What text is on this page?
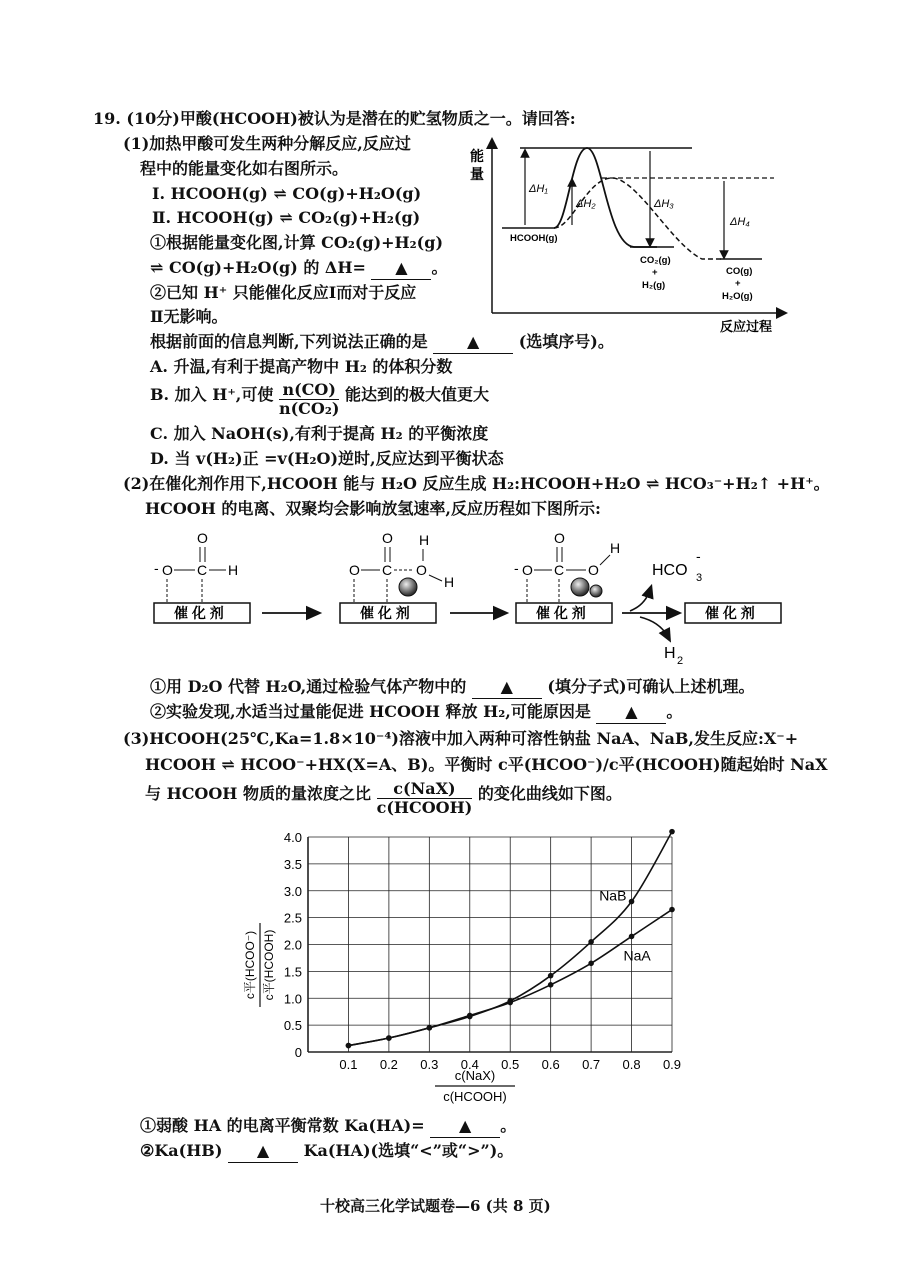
19. (10分)甲酸(HCOOH)被认为是潜在的贮氢物质之一。请回答:
(1)加热甲酸可发生两种分解反应,反应过
程中的能量变化如右图所示。
Ⅰ. HCOOH(g) ⇌ CO(g)+H₂O(g)
Ⅱ. HCOOH(g) ⇌ CO₂(g)+H₂(g)
①根据能量变化图,计算 CO₂(g)+H₂(g)
⇌ CO(g)+H₂O(g) 的 ΔH= ▲ 。
②已知 H⁺ 只能催化反应Ⅰ而对于反应
Ⅱ无影响。
根据前面的信息判断,下列说法正确的是 ▲ (选填序号)。
A. 升温,有利于提高产物中 H₂ 的体积分数
B. 加入 H⁺,可使 $\frac{n(CO)}{\text{n(CO₂)}}$ 能达到的极大值更大
C. 加入 NaOH(s),有利于提高 H₂ 的平衡浓度
D. 当 v(H₂)正 =v(H₂O)逆时,反应达到平衡状态
(2)在催化剂作用下,HCOOH 能与 H₂O 反应生成 H₂:HCOOH+H₂O ⇌ HCO₃⁻+H₂↑ +H⁺。
HCOOH 的电离、双聚均会影响放氢速率,反应历程如下图所示:
①用 D₂O 代替 H₂O,通过检验气体产物中的 ▲ (填分子式)可确认上述机理。
②实验发现,水适当过量能促进 HCOOH 释放 H₂,可能原因是 ▲ 。
(3)HCOOH(25℃,Ka=1.8×10⁻⁴)溶液中加入两种可溶性钠盐 NaA、NaB,发生反应:X⁻+
HCOOH ⇌ HCOO⁻+HX(X=A、B)。平衡时 c平(HCOO⁻)/c平(HCOOH)随起始时 NaX
与 HCOOH 物质的量浓度之比 $\frac{\text{c(NaX)}}{\text{c(HCOOH)}}$ 的变化曲线如下图。
①弱酸 HA 的电离平衡常数 Ka(HA)= ▲ 。
②Ka(HB) ▲ Ka(HA)(选填“<”或“>”)。
十校高三化学试题卷—6 (共 8 页)
能
量
HCOOH(g)
ΔH₁
ΔH₂	ΔH₃
ΔH₄
CO₂(g)
+
H₂(g)
CO(g)
+
H₂O(g)
反应过程
催 化 剂
- O C H
O
催 化 剂
O C
O
O
H
H
催 化 剂
- O C
O
O
H
HCO 3
-
H 2
催 化 剂
0
0.5
1.0
1.5
2.0
2.5
3.0
3.5
4.0
0.1 0.2 0.3 0.4 0.5 0.6 0.7 0.8 0.9
NaB
NaA
c(NaX)
c(HCOOH)
c平(HCOO⁻) c平(HCOOH)
